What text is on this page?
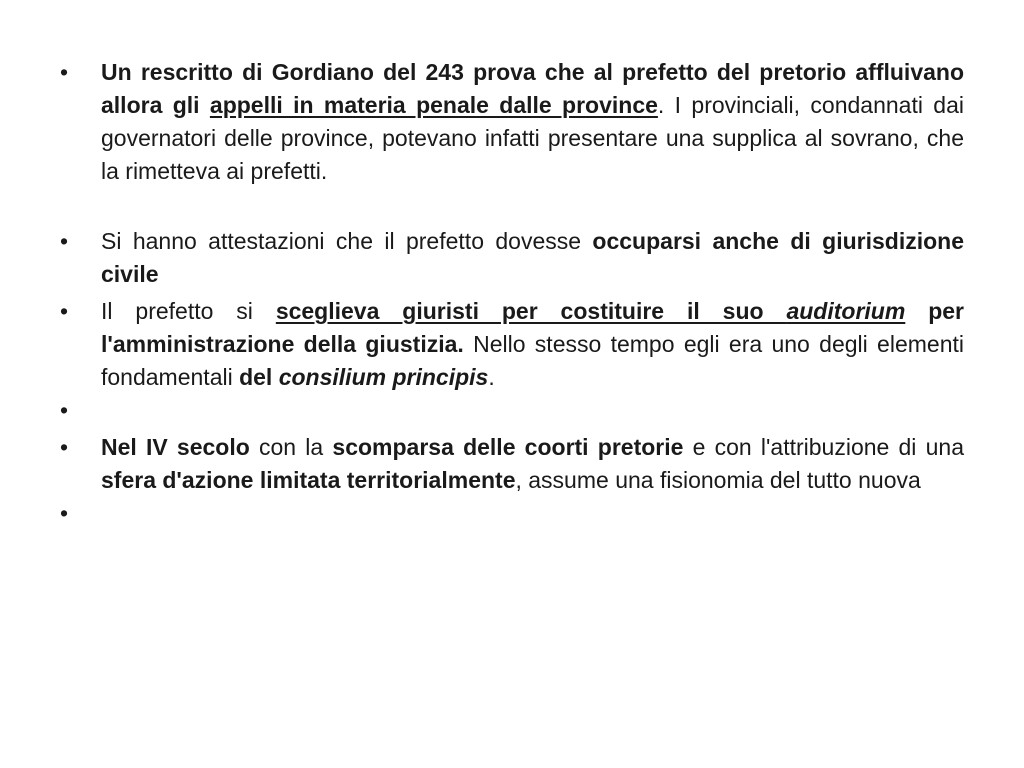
• Un rescritto di Gordiano del 243 prova che al prefetto del pretorio affluivano allora gli appelli in materia penale dalle province. I provinciali, condannati dai governatori delle province, potevano infatti presentare una supplica al sovrano, che la rimetteva ai prefetti.
• Si hanno attestazioni che il prefetto dovesse occuparsi anche di giurisdizione civile
• Il prefetto si sceglieva giuristi per costituire il suo auditorium per l'amministrazione della giustizia. Nello stesso tempo egli era uno degli elementi fondamentali del consilium principis.
•
• Nel IV secolo con la scomparsa delle coorti pretorie e con l'attribuzione di una sfera d'azione limitata territorialmente, assume una fisionomia del tutto nuova
•
